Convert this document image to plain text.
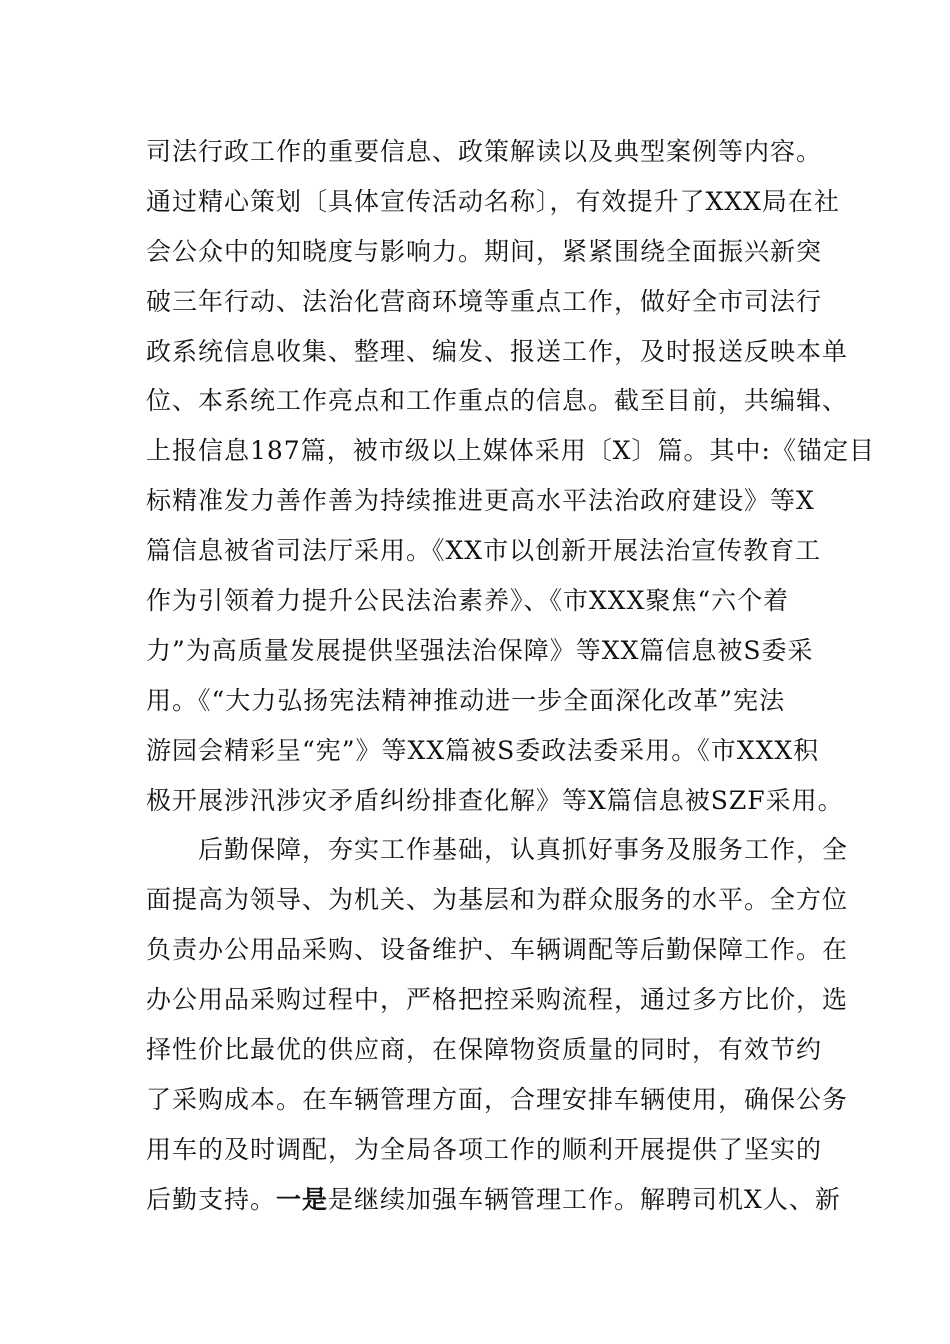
司法行政工作的重要信息、政策解读以及典型案例等内容。
通过精心策划〔具体宣传活动名称〕，有效提升了XXX局在社
会公众中的知晓度与影响力。期间，紧紧围绕全面振兴新突
破三年行动、法治化营商环境等重点工作，做好全市司法行
政系统信息收集、整理、编发、报送工作，及时报送反映本单
位、本系统工作亮点和工作重点的信息。截至目前，共编辑、
上报信息187篇，被市级以上媒体采用〔X〕篇。其中:《锚定目
标精准发力善作善为持续推进更高水平法治政府建设》等X
篇信息被省司法厅采用。《XX市以创新开展法治宣传教育工
作为引领着力提升公民法治素养》、《市XXX聚焦“六个着
力”为高质量发展提供坚强法治保障》等XX篇信息被S委采
用。《“大力弘扬宪法精神推动进一步全面深化改革”宪法
游园会精彩呈“宪”》等XX篇被S委政法委采用。《市XXX积
极开展涉汛涉灾矛盾纠纷排查化解》等X篇信息被SZF采用。
后勤保障，夯实工作基础，认真抓好事务及服务工作，全
面提高为领导、为机关、为基层和为群众服务的水平。全方位
负责办公用品采购、设备维护、车辆调配等后勤保障工作。在
办公用品采购过程中，严格把控采购流程，通过多方比价，选
择性价比最优的供应商，在保障物资质量的同时，有效节约
了采购成本。在车辆管理方面，合理安排车辆使用，确保公务
用车的及时调配，为全局各项工作的顺利开展提供了坚实的
后勤支持。一是是继续加强车辆管理工作。解聘司机X人、新
